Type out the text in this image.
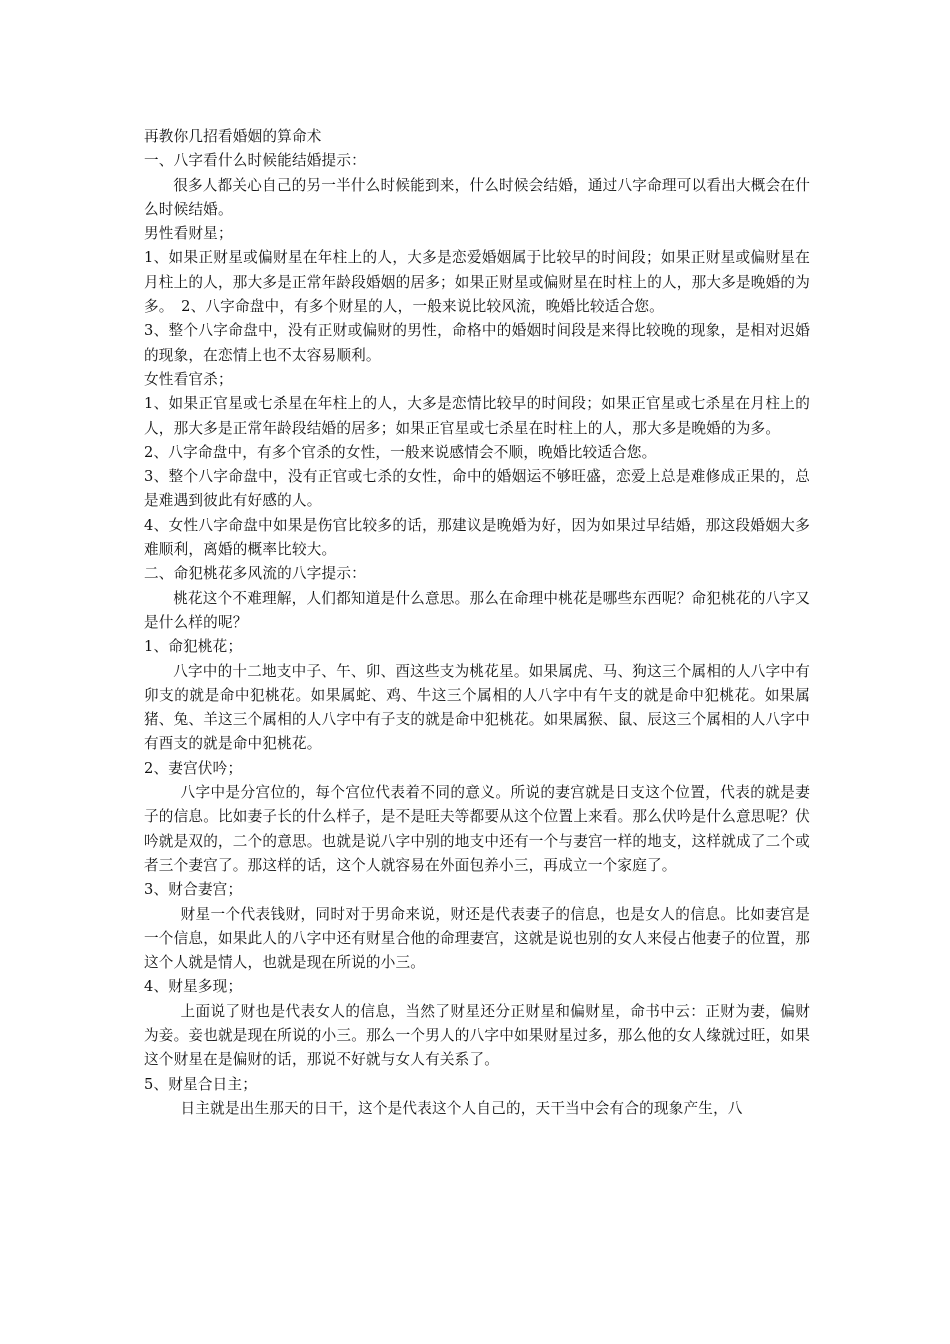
再教你几招看婚姻的算命术

一、八字看什么时候能结婚提示：

很多人都关心自己的另一半什么时候能到来，什么时候会结婚，通过八字命理可以看出大概会在什么时候结婚。

男性看财星；

1、如果正财星或偏财星在年柱上的人，大多是恋爱婚姻属于比较早的时间段；如果正财星或偏财星在月柱上的人，那大多是正常年龄段婚姻的居多；如果正财星或偏财星在时柱上的人，那大多是晚婚的为多。　2、八字命盘中，有多个财星的人，一般来说比较风流，晚婚比较适合您。

3、整个八字命盘中，没有正财或偏财的男性，命格中的婚姻时间段是来得比较晚的现象，是相对迟婚的现象，在恋情上也不太容易顺利。

女性看官杀；

1、如果正官星或七杀星在年柱上的人，大多是恋情比较早的时间段；如果正官星或七杀星在月柱上的人，那大多是正常年龄段结婚的居多；如果正官星或七杀星在时柱上的人，那大多是晚婚的为多。

2、八字命盘中，有多个官杀的女性，一般来说感情会不顺，晚婚比较适合您。

3、整个八字命盘中，没有正官或七杀的女性，命中的婚姻运不够旺盛，恋爱上总是难修成正果的，总是难遇到彼此有好感的人。

4、女性八字命盘中如果是伤官比较多的话，那建议是晚婚为好，因为如果过早结婚，那这段婚姻大多难顺利，离婚的概率比较大。

二、命犯桃花多风流的八字提示：

桃花这个不难理解，人们都知道是什么意思。那么在命理中桃花是哪些东西呢？命犯桃花的八字又是什么样的呢？

1、命犯桃花；

八字中的十二地支中子、午、卯、酉这些支为桃花星。如果属虎、马、狗这三个属相的人八字中有卯支的就是命中犯桃花。如果属蛇、鸡、牛这三个属相的人八字中有午支的就是命中犯桃花。如果属猪、兔、羊这三个属相的人八字中有子支的就是命中犯桃花。如果属猴、鼠、辰这三个属相的人八字中有酉支的就是命中犯桃花。

2、妻宫伏吟；

八字中是分宫位的，每个宫位代表着不同的意义。所说的妻宫就是日支这个位置，代表的就是妻子的信息。比如妻子长的什么样子，是不是旺夫等都要从这个位置上来看。那么伏吟是什么意思呢？伏吟就是双的，二个的意思。也就是说八字中别的地支中还有一个与妻宫一样的地支，这样就成了二个或者三个妻宫了。那这样的话，这个人就容易在外面包养小三，再成立一个家庭了。

3、财合妻宫；

财星一个代表钱财，同时对于男命来说，财还是代表妻子的信息，也是女人的信息。比如妻宫是一个信息，如果此人的八字中还有财星合他的命理妻宫，这就是说也别的女人来侵占他妻子的位置，那这个人就是情人，也就是现在所说的小三。

4、财星多现；

上面说了财也是代表女人的信息，当然了财星还分正财星和偏财星，命书中云：正财为妻，偏财为妾。妾也就是现在所说的小三。那么一个男人的八字中如果财星过多，那么他的女人缘就过旺，如果这个财星在是偏财的话，那说不好就与女人有关系了。

5、财星合日主；

日主就是出生那天的日干，这个是代表这个人自己的，天干当中会有合的现象产生，八
